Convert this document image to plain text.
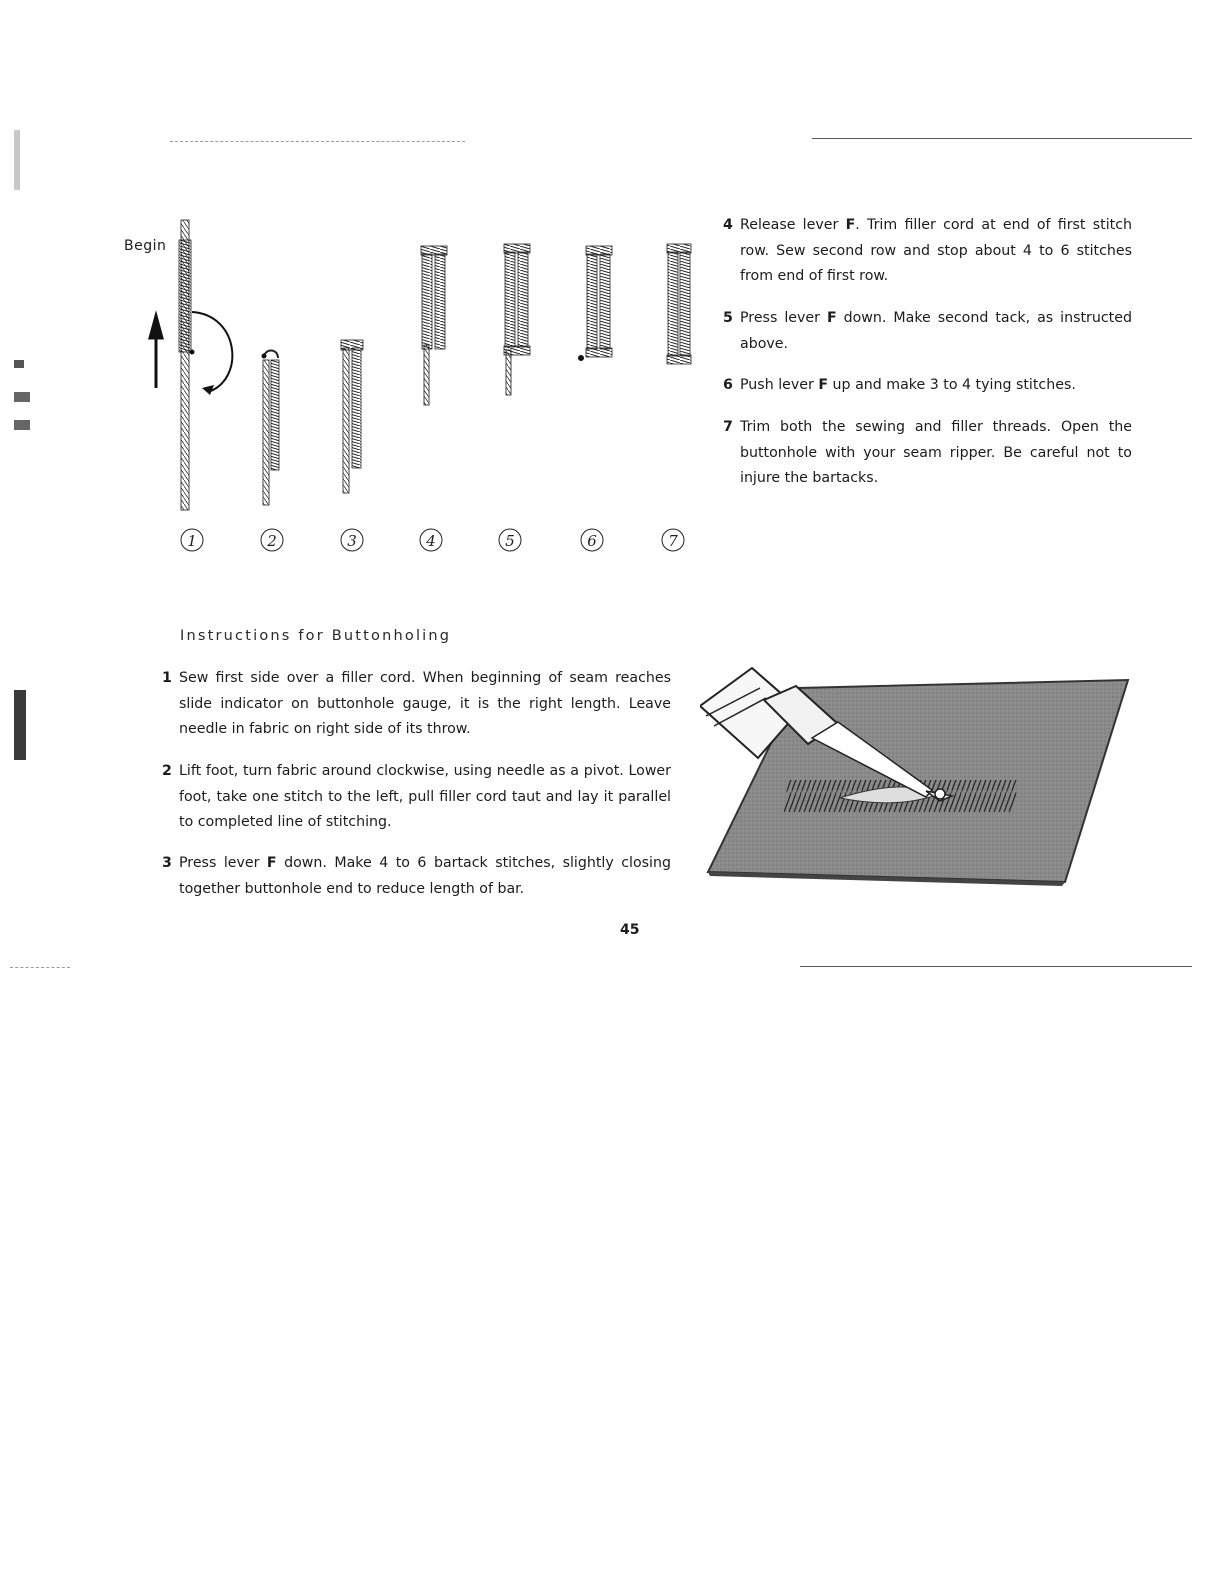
Begin
1	2	3	4	5	6	7
4 Release lever F. Trim filler cord at end of first stitch row. Sew second row and stop about 4 to 6 stitches from end of first row.
5 Press lever F down. Make second tack, as instructed above.
6 Push lever F up and make 3 to 4 tying stitches.
7 Trim both the sewing and filler threads. Open the buttonhole with your seam ripper. Be careful not to injure the bartacks.
Instructions for Buttonholing
1 Sew first side over a filler cord. When beginning of seam reaches slide indicator on buttonhole gauge, it is the right length. Leave needle in fabric on right side of its throw.
2 Lift foot, turn fabric around clockwise, using needle as a pivot. Lower foot, take one stitch to the left, pull filler cord taut and lay it parallel to completed line of stitching.
3 Press lever F down. Make 4 to 6 bartack stitches, slightly closing together buttonhole end to reduce length of bar.
45
